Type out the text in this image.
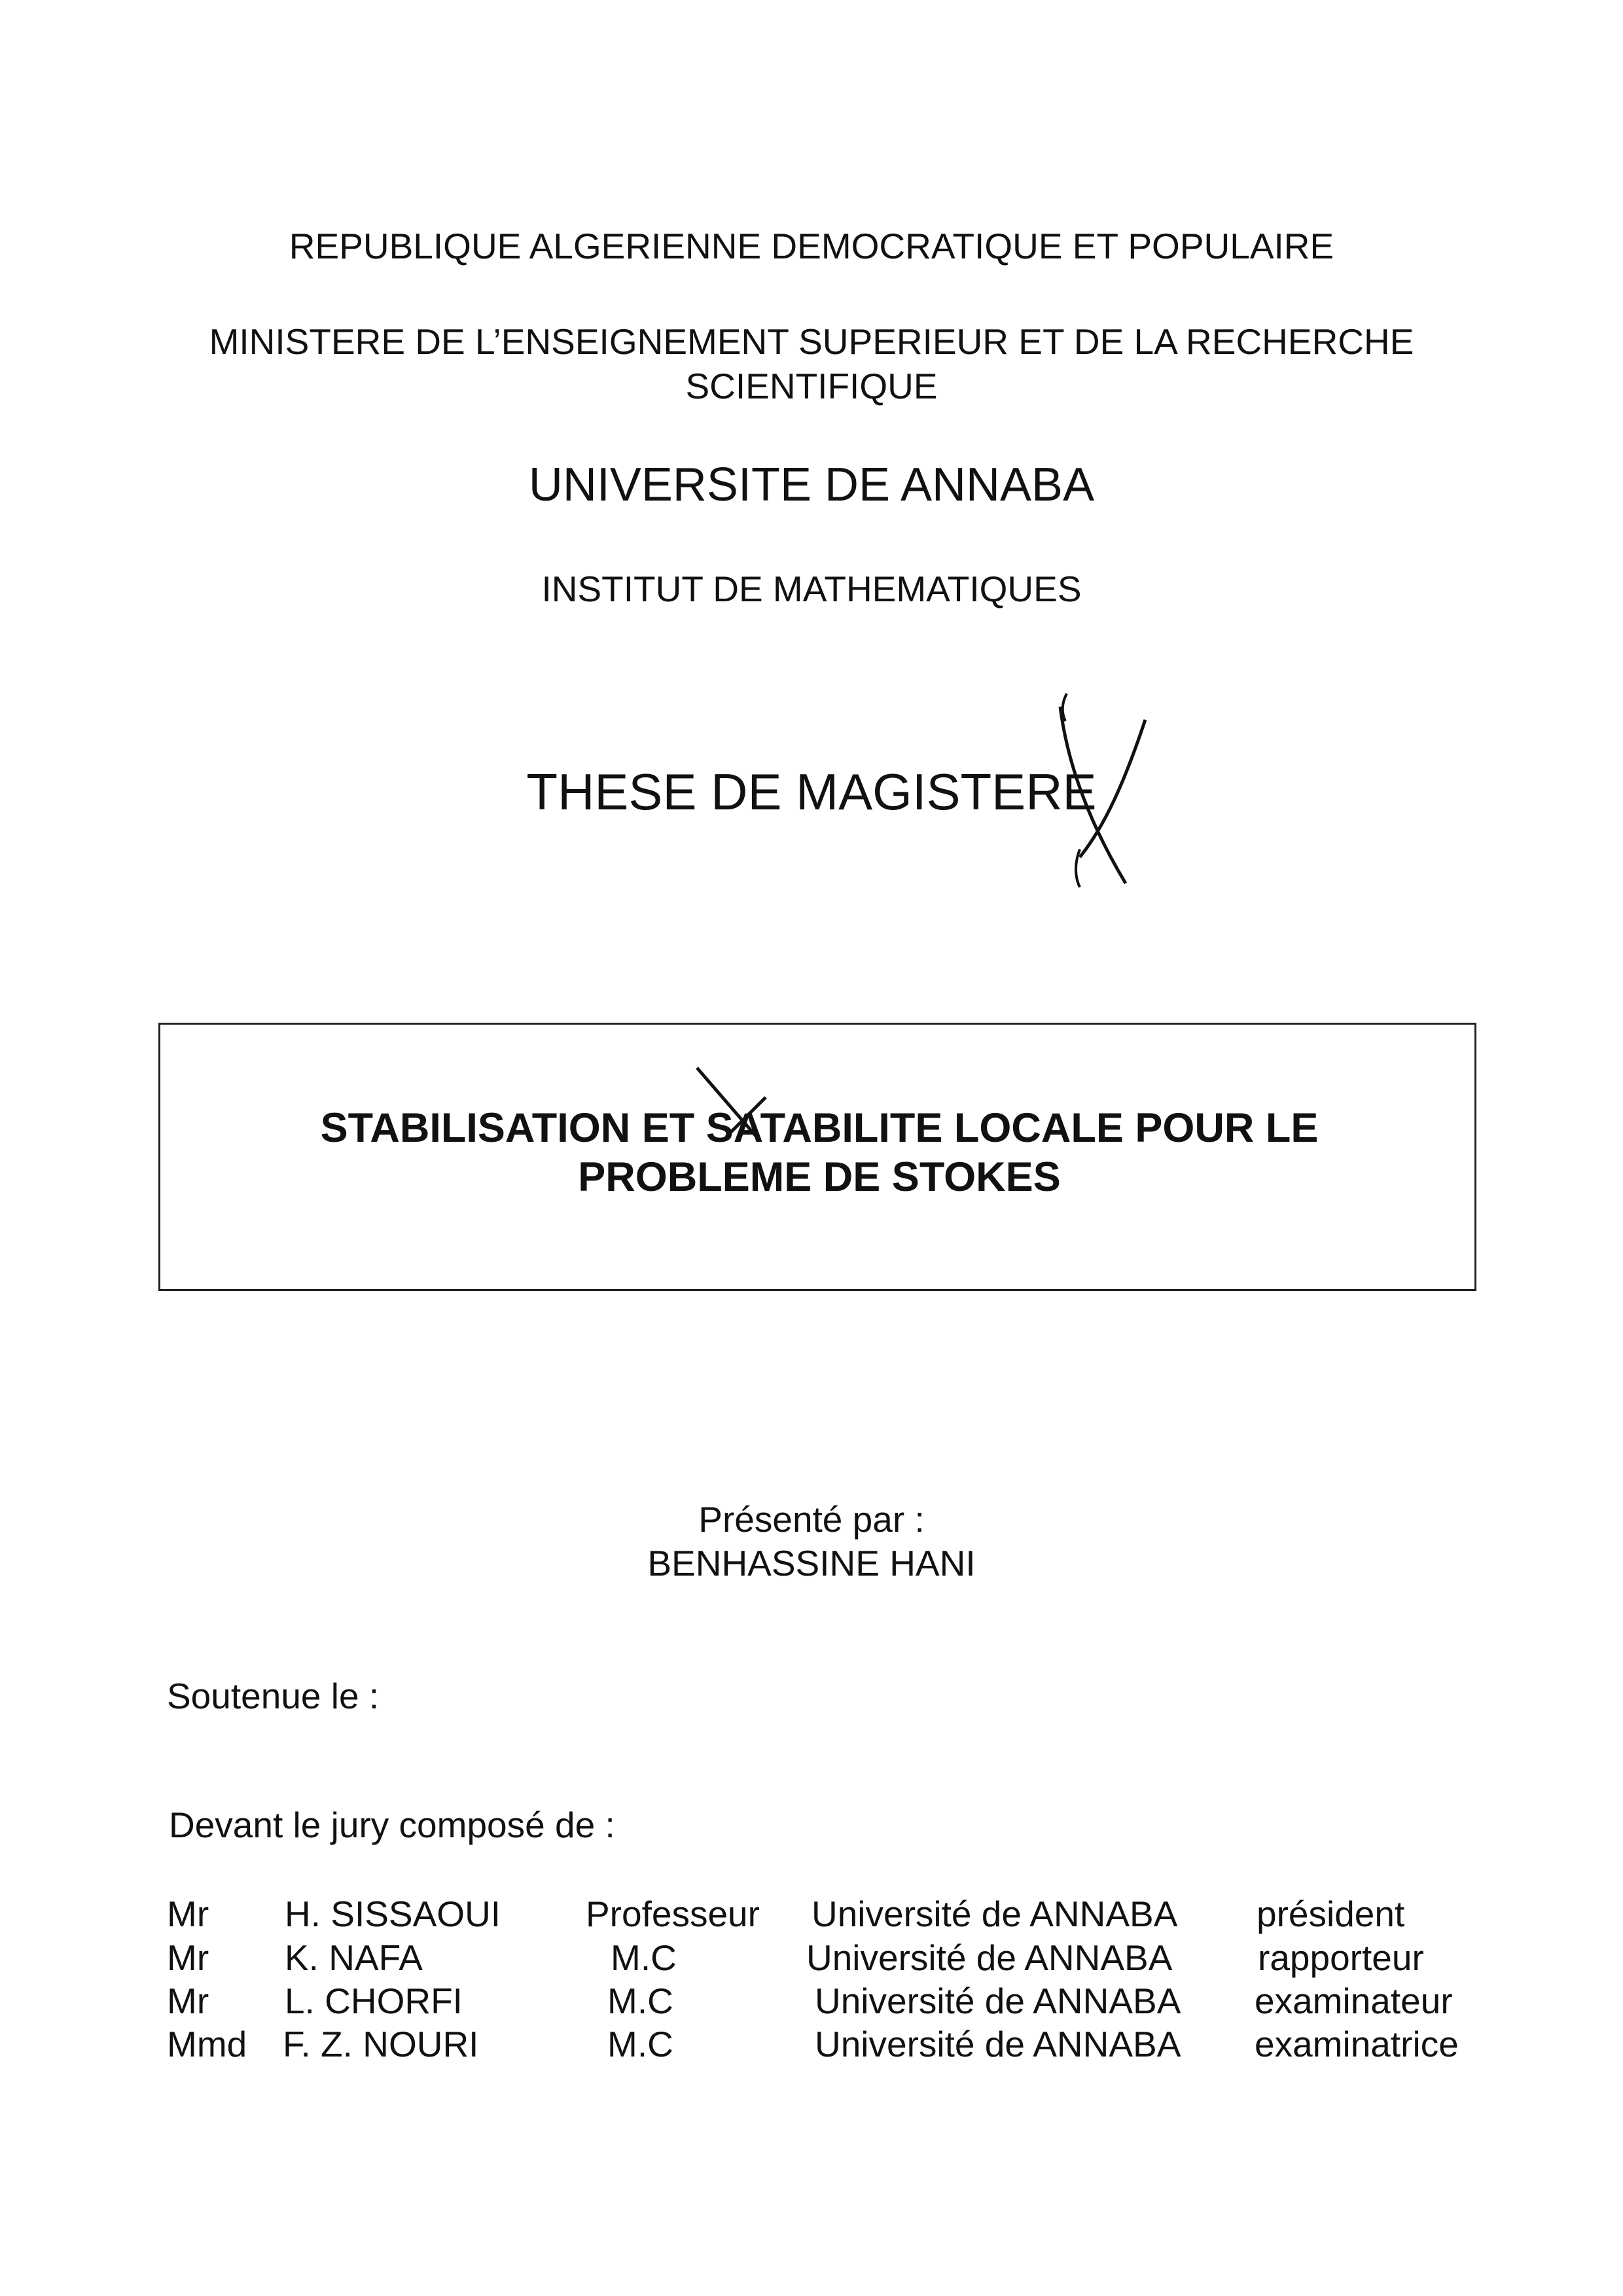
REPUBLIQUE ALGERIENNE DEMOCRATIQUE ET POPULAIRE
MINISTERE DE L’ENSEIGNEMENT SUPERIEUR ET DE LA RECHERCHE
SCIENTIFIQUE
UNIVERSITE DE ANNABA
INSTITUT DE MATHEMATIQUES
THESE DE MAGISTERE
STABILISATION ET SATABILITE LOCALE POUR LE
PROBLEME DE STOKES
Présenté par :
BENHASSINE HANI
Soutenue le :
Devant le jury composé de :
Mr H. SISSAOUI Professeur Université de ANNABA président
Mr K. NAFA	M.C	Université de ANNABA rapporteur
Mr L. CHORFI	M.C	Université de ANNABA examinateur
Mmd F. Z. NOURI	M.C	Université de ANNABA examinatrice
